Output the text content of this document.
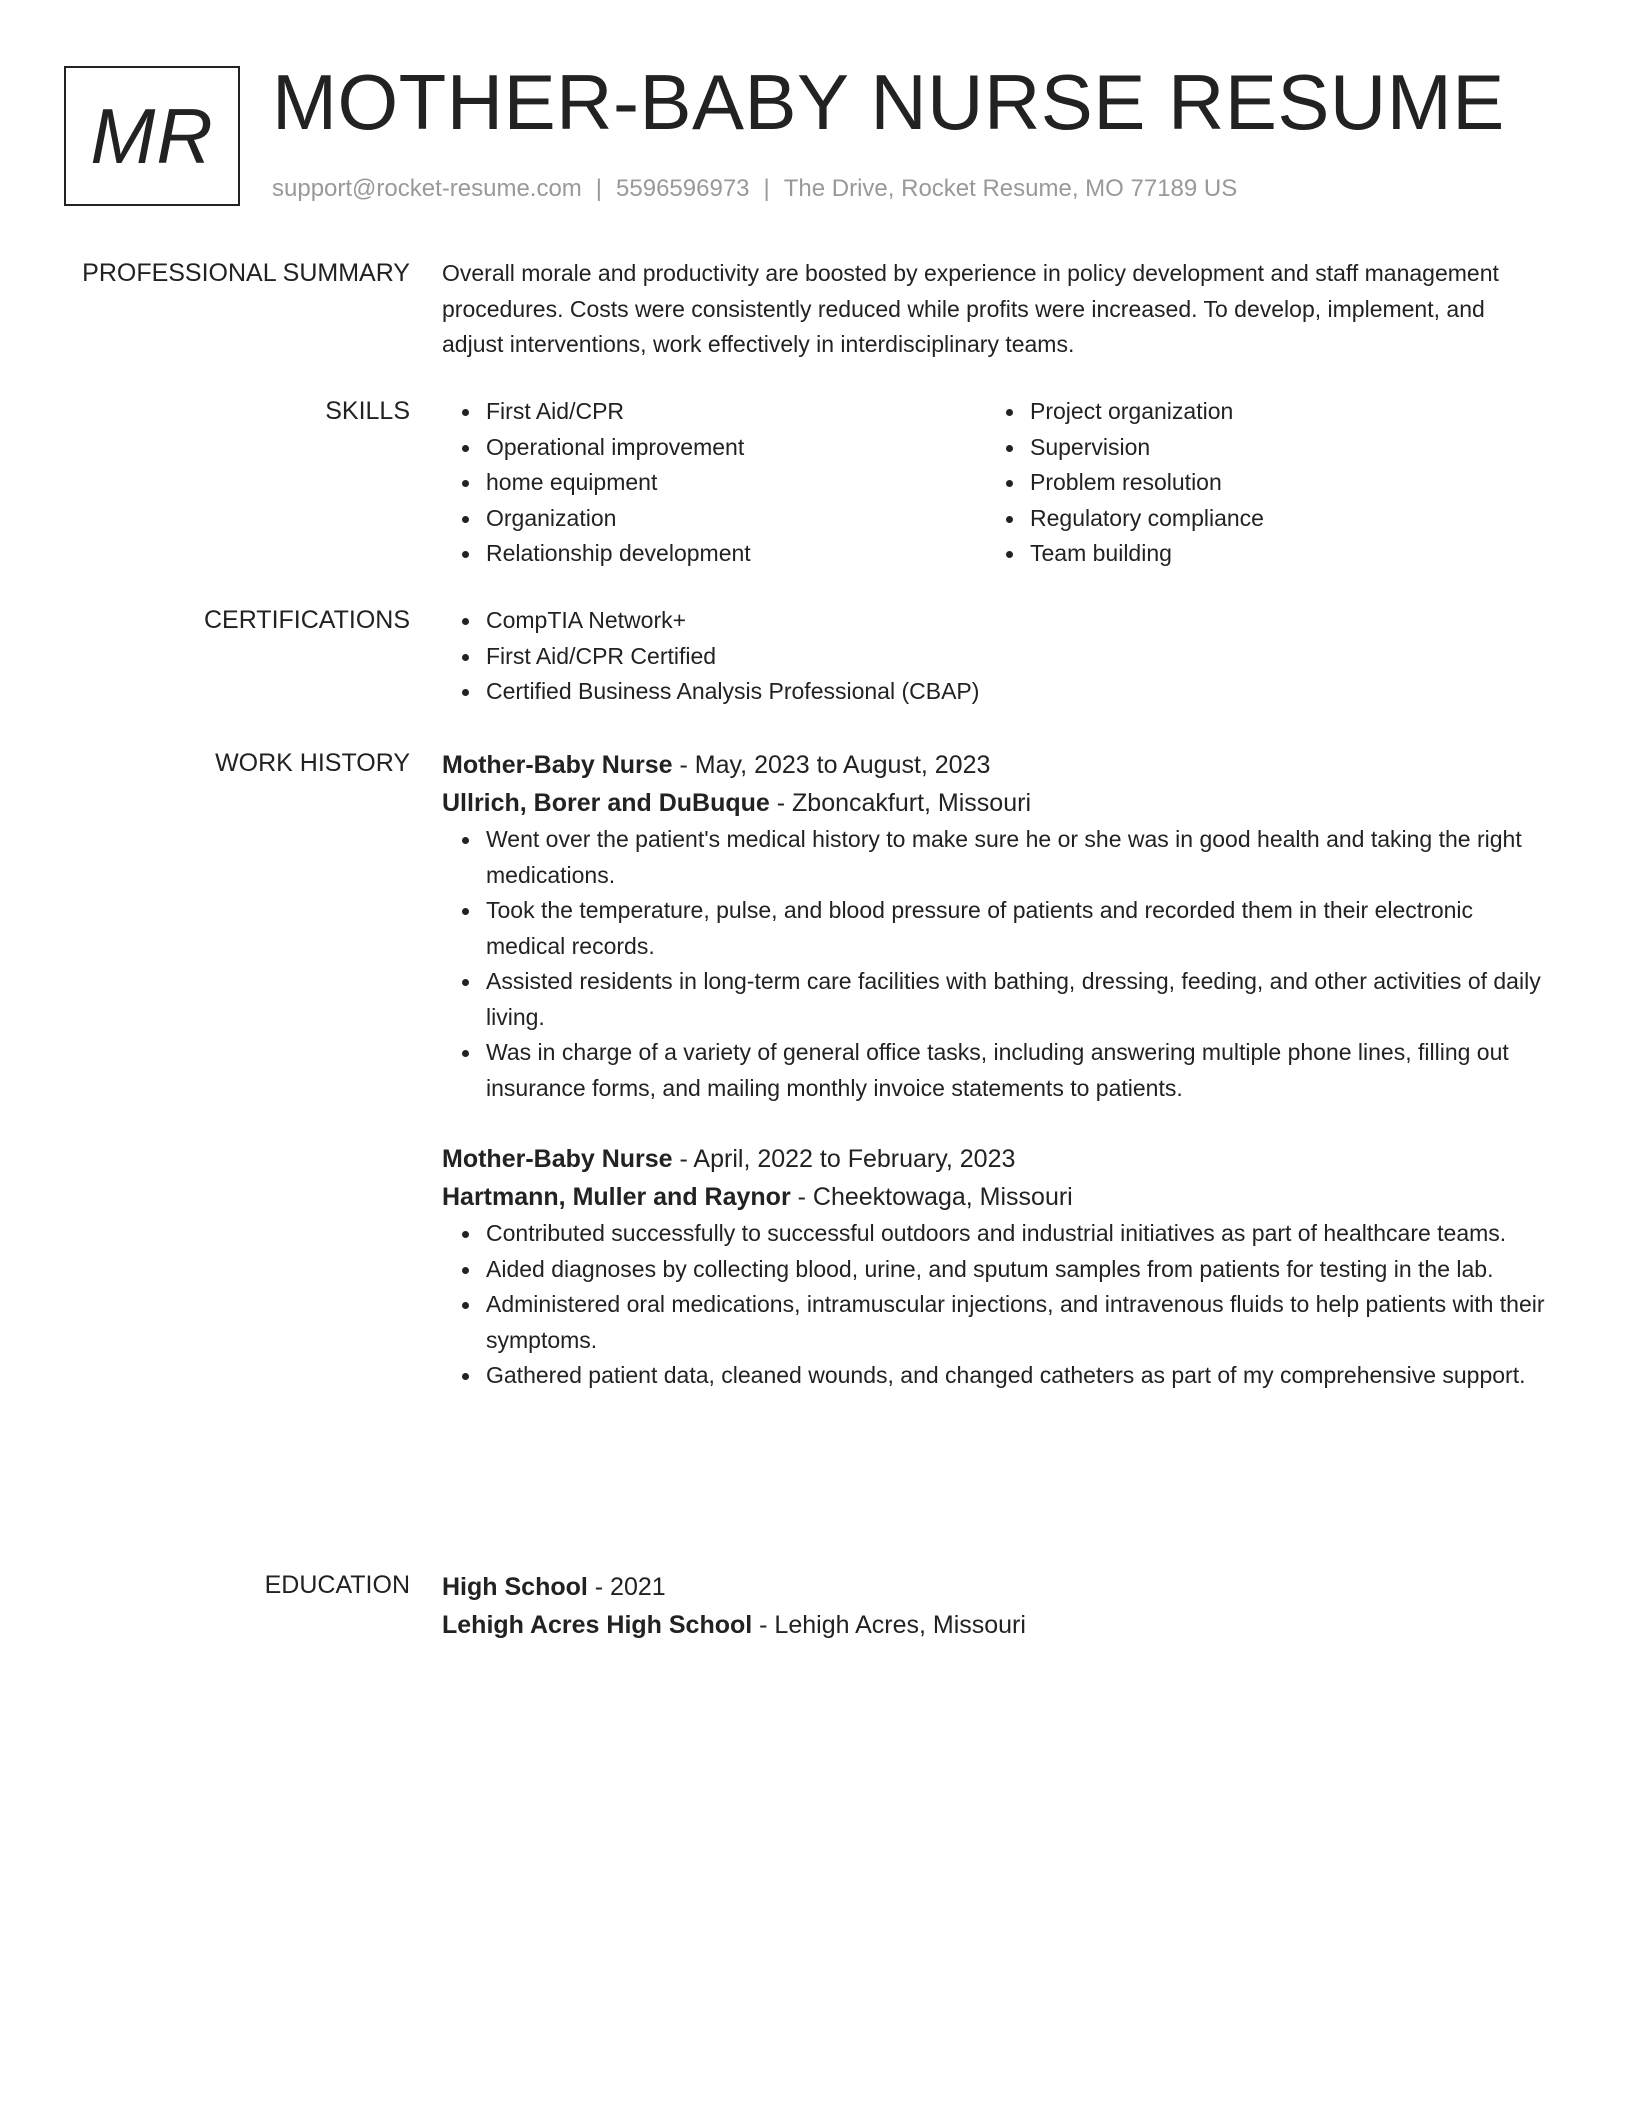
MR MOTHER-BABY NURSE RESUME
support@rocket-resume.com | 5596596973 | The Drive, Rocket Resume, MO 77189 US
PROFESSIONAL SUMMARY Overall morale and productivity are boosted by experience in policy development and staff management procedures. Costs were consistently reduced while profits were increased. To develop, implement, and adjust interventions, work effectively in interdisciplinary teams.

SKILLS	First Aid/CPR
Operational improvement
home equipment
Organization
Relationship development
Project organization
Supervision
Problem resolution
Regulatory compliance
Team building
CERTIFICATIONS	CompTIA Network+
First Aid/CPR Certified
Certified Business Analysis Professional (CBAP)
WORK HISTORY Mother-Baby Nurse - May, 2023 to August, 2023
Ullrich, Borer and DuBuque - Zboncakfurt, Missouri
Went over the patient's medical history to make sure he or she was in good health and taking the right medications.
Took the temperature, pulse, and blood pressure of patients and recorded them in their electronic medical records.
Assisted residents in long-term care facilities with bathing, dressing, feeding, and other activities of daily living.
Was in charge of a variety of general office tasks, including answering multiple phone lines, filling out insurance forms, and mailing monthly invoice statements to patients.
Mother-Baby Nurse - April, 2022 to February, 2023
Hartmann, Muller and Raynor - Cheektowaga, Missouri
Contributed successfully to successful outdoors and industrial initiatives as part of healthcare teams.
Aided diagnoses by collecting blood, urine, and sputum samples from patients for testing in the lab.
Administered oral medications, intramuscular injections, and intravenous fluids to help patients with their symptoms.
Gathered patient data, cleaned wounds, and changed catheters as part of my comprehensive support.
EDUCATION High School - 2021
Lehigh Acres High School - Lehigh Acres, Missouri
